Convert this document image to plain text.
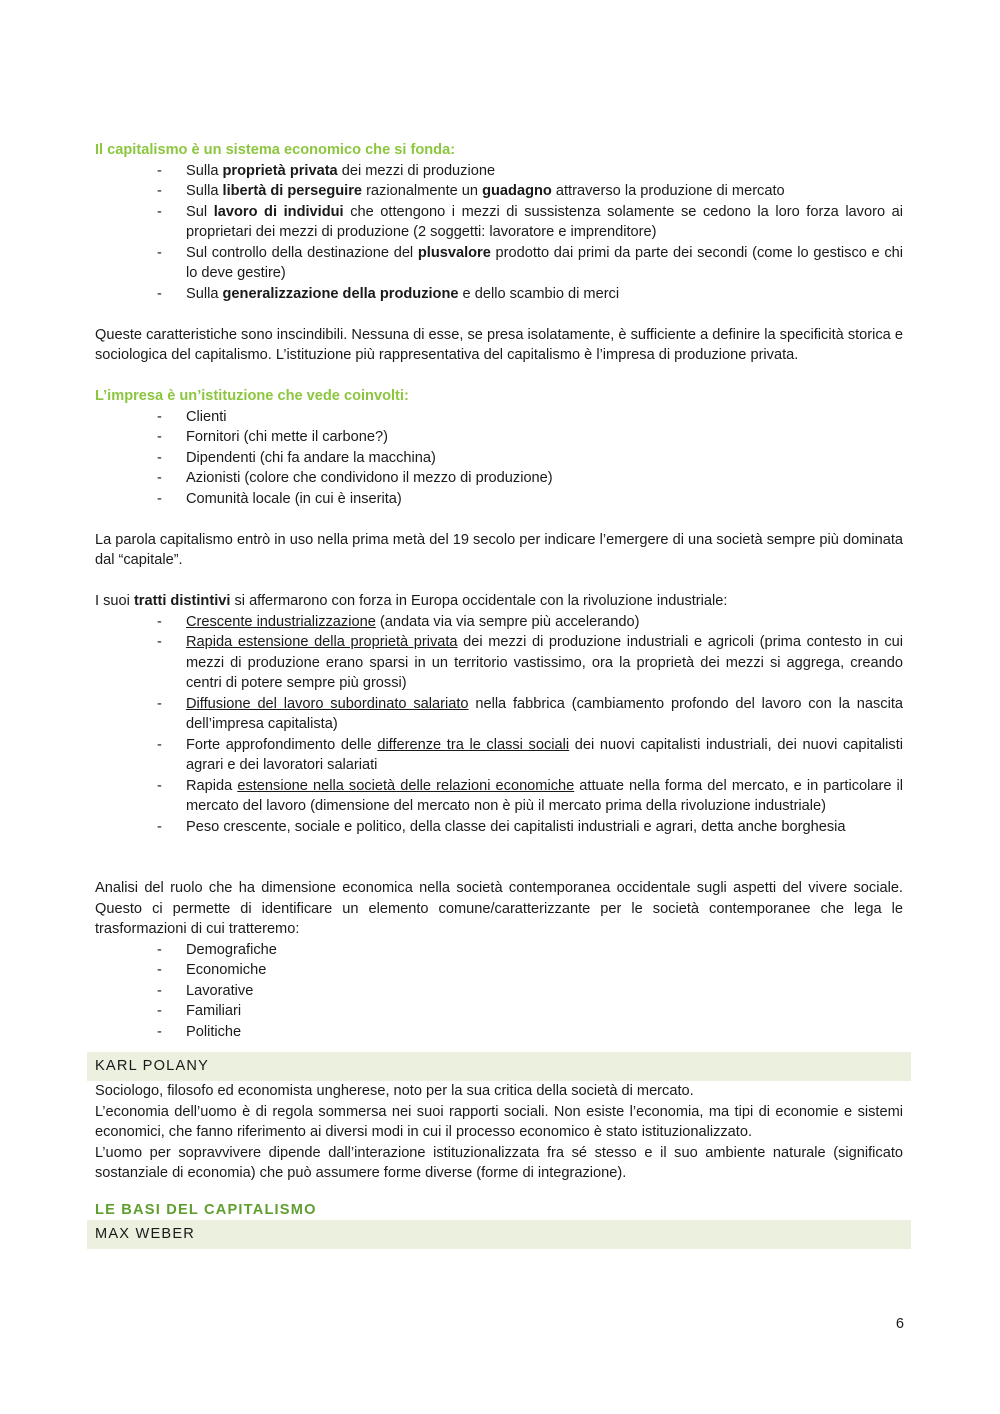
Il capitalismo è un sistema economico che si fonda:
- Sulla proprietà privata dei mezzi di produzione
- Sulla libertà di perseguire razionalmente un guadagno attraverso la produzione di mercato
- Sul lavoro di individui che ottengono i mezzi di sussistenza solamente se cedono la loro forza lavoro ai proprietari dei mezzi di produzione (2 soggetti: lavoratore e imprenditore)
- Sul controllo della destinazione del plusvalore prodotto dai primi da parte dei secondi (come lo gestisco e chi lo deve gestire)
- Sulla generalizzazione della produzione e dello scambio di merci

Queste caratteristiche sono inscindibili. Nessuna di esse, se presa isolatamente, è sufficiente a definire la specificità storica e sociologica del capitalismo. L’istituzione più rappresentativa del capitalismo è l’impresa di produzione privata.

L’impresa è un’istituzione che vede coinvolti:
- Clienti
- Fornitori (chi mette il carbone?)
- Dipendenti (chi fa andare la macchina)
- Azionisti (colore che condividono il mezzo di produzione)
- Comunità locale (in cui è inserita)

La parola capitalismo entrò in uso nella prima metà del 19 secolo per indicare l’emergere di una società sempre più dominata dal “capitale”.

I suoi tratti distintivi si affermarono con forza in Europa occidentale con la rivoluzione industriale:

- Crescente industrializzazione (andata via via sempre più accelerando)
- Rapida estensione della proprietà privata dei mezzi di produzione industriali e agricoli (prima contesto in cui mezzi di produzione erano sparsi in un territorio vastissimo, ora la proprietà dei mezzi si aggrega, creando centri di potere sempre più grossi)
- Diffusione del lavoro subordinato salariato nella fabbrica (cambiamento profondo del lavoro con la nascita dell’impresa capitalista)
- Forte approfondimento delle differenze tra le classi sociali dei nuovi capitalisti industriali, dei nuovi capitalisti agrari e dei lavoratori salariati
- Rapida estensione nella società delle relazioni economiche attuate nella forma del mercato, e in particolare il mercato del lavoro (dimensione del mercato non è più il mercato prima della rivoluzione industriale)
- Peso crescente, sociale e politico, della classe dei capitalisti industriali e agrari, detta anche borghesia

Analisi del ruolo che ha dimensione economica nella società contemporanea occidentale sugli aspetti del vivere sociale. Questo ci permette di identificare un elemento comune/caratterizzante per le società contemporanee che lega le trasformazioni di cui tratteremo:

- Demografiche
- Economiche
- Lavorative
- Familiari
- Politiche
KARL POLANY

Sociologo, filosofo ed economista ungherese, noto per la sua critica della società di mercato.

L’economia dell’uomo è di regola sommersa nei suoi rapporti sociali. Non esiste l’economia, ma tipi di economie e sistemi economici, che fanno riferimento ai diversi modi in cui il processo economico è stato istituzionalizzato.

L’uomo per sopravvivere dipende dall’interazione istituzionalizzata fra sé stesso e il suo ambiente naturale (significato sostanziale di economia) che può assumere forme diverse (forme di integrazione).

LE BASI DEL CAPITALISMO
MAX WEBER
6
